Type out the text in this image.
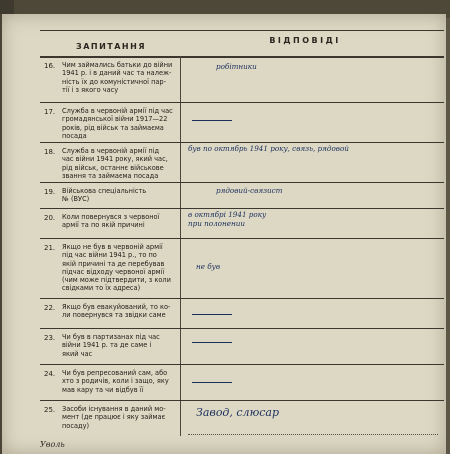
ЗАПИТАННЯ
ВІДПОВІДІ
16. Чим займались батьки до війни
1941 р. і в даний час та належ-
ність їх до комуністичної пар-
тії і з якого часу
робітники
17. Служба в червоній армії під час
громадянської війни 1917—22
років, рід військ та займаєма
посада
18. Служба в червоній армії під
час війни 1941 року, який час,
рід військ, останнє військове
звання та займаєма посада
був по октябрь 1941 року, связь, рядовой
19. Військова спеціальність
№ (ВУС)
рядовий-связист
20. Коли повернувся з червоної
армії та по якій причині
в октябрі 1941 року
при полонении
21. Якщо не був в червоній армії
під час війни 1941 р., то по
якій причині та де перебував
підчас відходу червоної армії
(чим може підтвердити, з коли
свідками то їх адреса)
не був
22. Якщо був евакуйований, то ко-
ли повернувся та звідки саме
23. Чи був в партизанах під час
війни 1941 р. та де саме і
який час
24. Чи був репресований сам, або
хто з родичів, коли і защо, яку
мав кару та чи відбув її
25. Засоби існування в даний мо-
мент (де працює і яку займає
посаду)
Завод, слюсар
Уволь
